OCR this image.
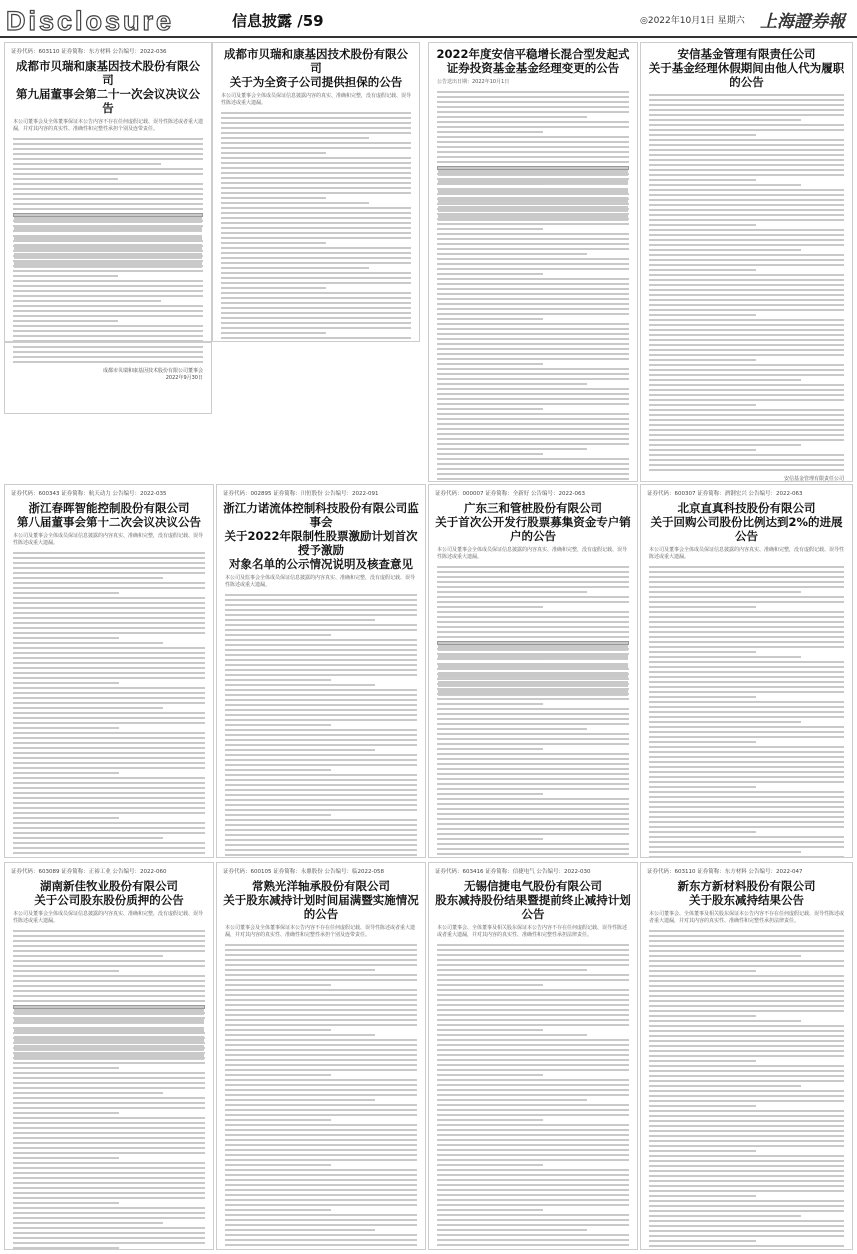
Disclosure	信息披露 /59	◎2022年10月1日 星期六 上海證券報
证券代码：603110 证券简称：东方材料 公告编号：2022-036
成都市贝瑞和康基因技术股份有限公司
第九届董事会第二十一次会议决议公告
本公司董事会及全体董事保证本公告内容不存在任何虚假记载、误导性陈述或者重大遗漏，并对其内容的真实性、准确性和完整性承担个别及连带责任。
成都市贝瑞和康基因技术股份有限公司
关于为全资子公司提供担保的公告
本公司及董事会全体成员保证信息披露内容的真实、准确和完整，没有虚假记载、误导性陈述或重大遗漏。
成都市贝瑞和康基因技术股份有限公司董事会
2022年9月30日
2022年度安信平稳增长混合型发起式
证券投资基金基金经理变更的公告
公告送出日期：2022年10月1日
安信基金管理有限责任公司
关于基金经理休假期间由他人代为履职的公告
安信基金管理有限责任公司

证券代码：600343 证券简称：航天动力 公告编号：2022-035
浙江春晖智能控制股份有限公司
第八届董事会第十二次会议决议公告
本公司及董事会全体成员保证信息披露的内容真实、准确和完整，没有虚假记载、误导性陈述或重大遗漏。
证券代码：002895 证券简称：川恒股份 公告编号：2022-091
浙江力诺流体控制科技股份有限公司监事会
关于2022年限制性股票激励计划首次授予激励
对象名单的公示情况说明及核查意见
本公司及监事会全体成员保证信息披露的内容真实、准确和完整，没有虚假记载、误导性陈述或重大遗漏。
证券代码：000007 证券简称：全新好 公告编号：2022-063
广东三和管桩股份有限公司
关于首次公开发行股票募集资金专户销户的公告
本公司及董事会全体成员保证信息披露的内容真实、准确和完整，没有虚假记载、误导性陈述或重大遗漏。
证券代码：600307 证券简称：酒钢宏兴 公告编号：2022-063
北京直真科技股份有限公司
关于回购公司股份比例达到2%的进展公告
本公司及董事会全体成员保证信息披露的内容真实、准确和完整，没有虚假记载、误导性陈述或重大遗漏。
证券代码：603089 证券简称：正裕工业 公告编号：2022-060
湖南新佳牧业股份有限公司
关于公司股东股份质押的公告
本公司及董事会全体成员保证信息披露的内容真实、准确和完整，没有虚假记载、误导性陈述或重大遗漏。
证券代码：600105 证券简称：永鼎股份 公告编号：临2022-058
常熟光洋轴承股份有限公司
关于股东减持计划时间届满暨实施情况的公告
本公司董事会及全体董事保证本公告内容不存在任何虚假记载、误导性陈述或者重大遗漏，并对其内容的真实性、准确性和完整性承担个别及连带责任。
证券代码：603416 证券简称：信捷电气 公告编号：2022-030
无锡信捷电气股份有限公司
股东减持股份结果暨提前终止减持计划公告
本公司董事会、全体董事及相关股东保证本公告内容不存在任何虚假记载、误导性陈述或者重大遗漏，并对其内容的真实性、准确性和完整性承担法律责任。
证券代码：603110 证券简称：东方材料 公告编号：2022-047
新东方新材料股份有限公司
关于股东减持结果公告
本公司董事会、全体董事及相关股东保证本公告内容不存在任何虚假记载、误导性陈述或者重大遗漏，并对其内容的真实性、准确性和完整性承担法律责任。
